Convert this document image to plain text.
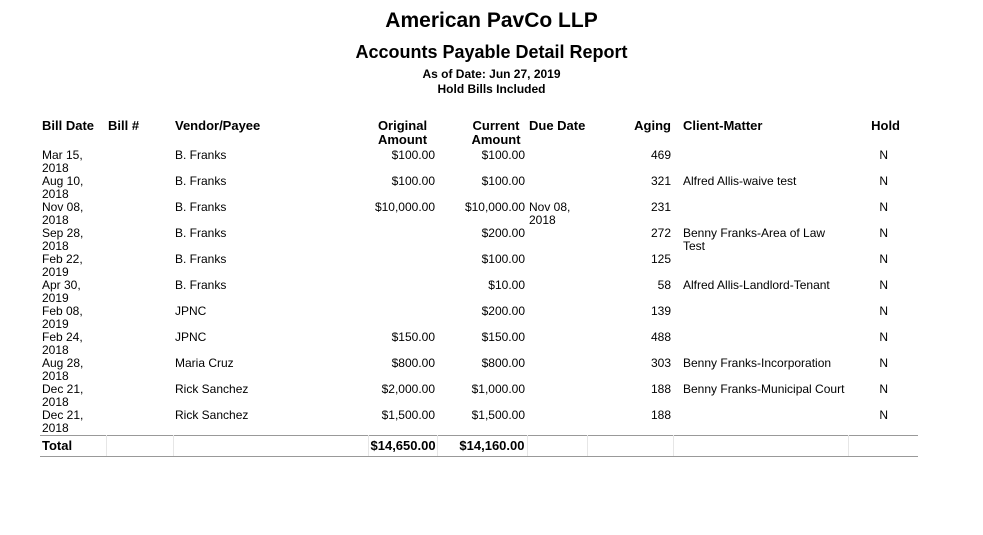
American PavCo LLP
Accounts Payable Detail Report
As of Date: Jun 27, 2019
Hold Bills Included
Bill Date	Bill #	Vendor/Payee	Original Amount	Current Amount	Due Date	Aging	Client-Matter	Hold
Mar 15, 2018		B. Franks	$100.00	$100.00		469		N
Aug 10, 2018		B. Franks	$100.00	$100.00		321	Alfred Allis-waive test	N
Nov 08, 2018		B. Franks	$10,000.00	$10,000.00	Nov 08, 2018	231		N
Sep 28, 2018		B. Franks		$200.00		272	Benny Franks-Area of Law Test	N
Feb 22, 2019		B. Franks		$100.00		125		N
Apr 30, 2019		B. Franks		$10.00		58	Alfred Allis-Landlord-Tenant	N
Feb 08, 2019		JPNC		$200.00		139		N
Feb 24, 2018		JPNC	$150.00	$150.00		488		N
Aug 28, 2018		Maria Cruz	$800.00	$800.00		303	Benny Franks-Incorporation	N
Dec 21, 2018		Rick Sanchez	$2,000.00	$1,000.00		188	Benny Franks-Municipal Court	N
Dec 21, 2018		Rick Sanchez	$1,500.00	$1,500.00		188		N
Total			$14,650.00	$14,160.00				
